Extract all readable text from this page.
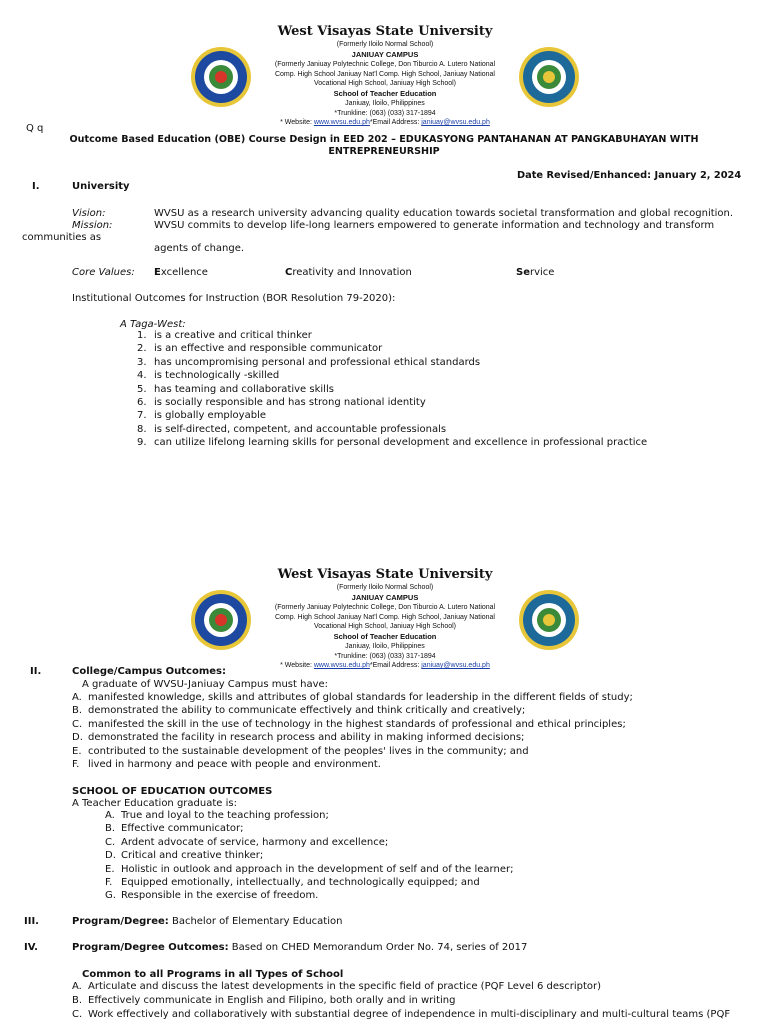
West Visayas State University
(Formerly Iloilo Normal School)
JANIUAY CAMPUS
(Formerly Janiuay Polytechnic College, Don Tiburcio A. Lutero National
Comp. High School Janiuay Nat'l Comp. High School, Janiuay National
Vocational High School, Janiuay High School)
School of Teacher Education
Janiuay, Iloilo, Philippines
*Trunkline: (063) (033) 317-1894
* Website: www.wvsu.edu.ph*Email Address: janiuay@wvsu.edu.ph
Q q
Outcome Based Education (OBE) Course Design in EED 202 – EDUKASYONG PANTAHANAN AT PANGKABUHAYAN WITH
ENTREPRENEURSHIP
Date Revised/Enhanced: January 2, 2024
I.	University
Vision:	WVSU as a research university advancing quality education towards societal transformation and global recognition.
Mission:	WVSU commits to develop life-long learners empowered to generate information and technology and transform
communities as
agents of change.
Core Values: Excellence	Creativity and Innovation	Service
Institutional Outcomes for Instruction (BOR Resolution 79-2020):
A Taga-West:
1. is a creative and critical thinker
2. is an effective and responsible communicator
3. has uncompromising personal and professional ethical standards
4. is technologically -skilled
5. has teaming and collaborative skills
6. is socially responsible and has strong national identity
7. is globally employable
8. is self-directed, competent, and accountable professionals
9. can utilize lifelong learning skills for personal development and excellence in professional practice
West Visayas State University
(Formerly Iloilo Normal School)
JANIUAY CAMPUS
(Formerly Janiuay Polytechnic College, Don Tiburcio A. Lutero National
Comp. High School Janiuay Nat'l Comp. High School, Janiuay National
Vocational High School, Janiuay High School)
School of Teacher Education
Janiuay, Iloilo, Philippines
*Trunkline: (063) (033) 317-1894
* Website: www.wvsu.edu.ph*Email Address: janiuay@wvsu.edu.ph
II.	College/Campus Outcomes:
A graduate of WVSU-Janiuay Campus must have:
A. manifested knowledge, skills and attributes of global standards for leadership in the different fields of study;
B. demonstrated the ability to communicate effectively and think critically and creatively;
C. manifested the skill in the use of technology in the highest standards of professional and ethical principles;
D. demonstrated the facility in research process and ability in making informed decisions;
E. contributed to the sustainable development of the peoples' lives in the community; and
F. lived in harmony and peace with people and environment.
SCHOOL OF EDUCATION OUTCOMES
A Teacher Education graduate is:
A. True and loyal to the teaching profession;
B. Effective communicator;
C. Ardent advocate of service, harmony and excellence;
D. Critical and creative thinker;
E. Holistic in outlook and approach in the development of self and of the learner;
F. Equipped emotionally, intellectually, and technologically equipped; and
G. Responsible in the exercise of freedom.
III.	Program/Degree: Bachelor of Elementary Education
IV.	Program/Degree Outcomes: Based on CHED Memorandum Order No. 74, series of 2017
Common to all Programs in all Types of School
A. Articulate and discuss the latest developments in the specific field of practice (PQF Level 6 descriptor)
B. Effectively communicate in English and Filipino, both orally and in writing
C. Work effectively and collaboratively with substantial degree of independence in multi-disciplinary and multi-cultural teams (PQF
